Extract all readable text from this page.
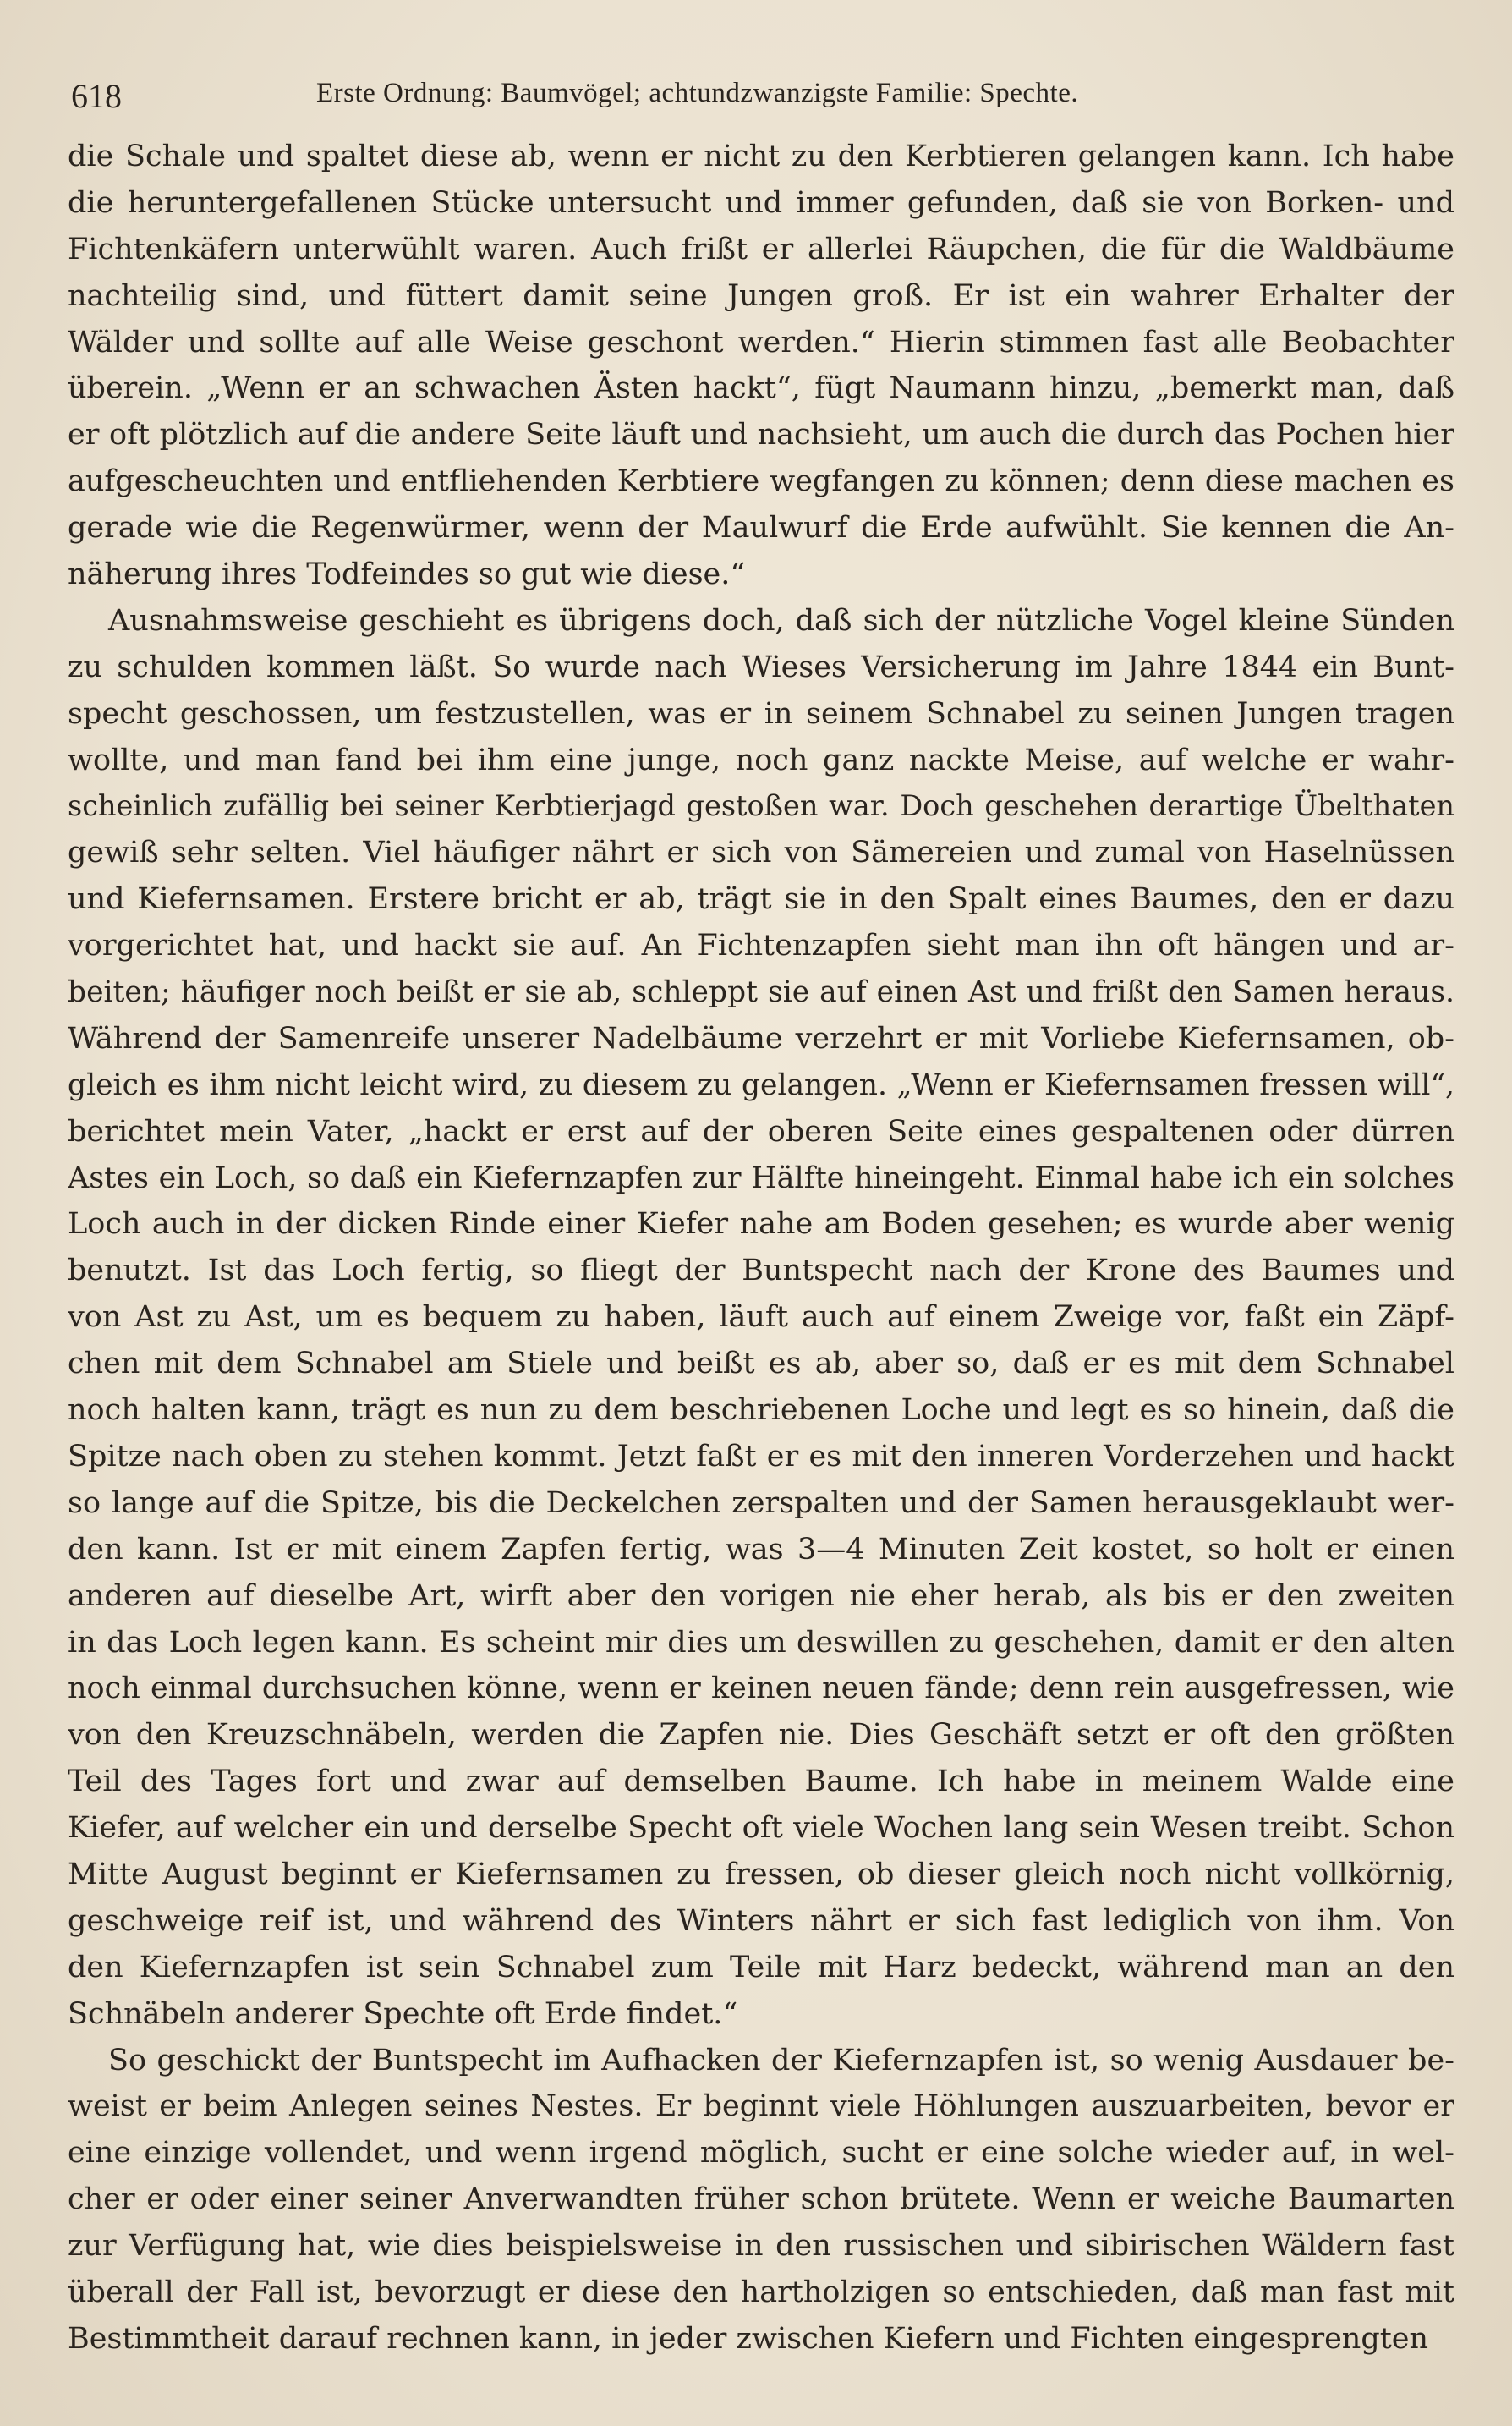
618	Erste Ordnung: Baumvögel; achtundzwanzigste Familie: Spechte.
die Schale und spaltet diese ab, wenn er nicht zu den Kerbtieren gelangen kann. Ich habe
die heruntergefallenen Stücke untersucht und immer gefunden, daß sie von Borken- und
Fichtenkäfern unterwühlt waren. Auch frißt er allerlei Räupchen, die für die Waldbäume
nachteilig sind, und füttert damit seine Jungen groß. Er ist ein wahrer Erhalter der
Wälder und sollte auf alle Weise geschont werden.“ Hierin stimmen fast alle Beobachter
überein. „Wenn er an schwachen Ästen hackt“, fügt Naumann hinzu, „bemerkt man, daß
er oft plötzlich auf die andere Seite läuft und nachsieht, um auch die durch das Pochen hier
aufgescheuchten und entfliehenden Kerbtiere wegfangen zu können; denn diese machen es
gerade wie die Regenwürmer, wenn der Maulwurf die Erde aufwühlt. Sie kennen die An-
näherung ihres Todfeindes so gut wie diese.“
Ausnahmsweise geschieht es übrigens doch, daß sich der nützliche Vogel kleine Sünden
zu schulden kommen läßt. So wurde nach Wieses Versicherung im Jahre 1844 ein Bunt-
specht geschossen, um festzustellen, was er in seinem Schnabel zu seinen Jungen tragen
wollte, und man fand bei ihm eine junge, noch ganz nackte Meise, auf welche er wahr-
scheinlich zufällig bei seiner Kerbtierjagd gestoßen war. Doch geschehen derartige Übelthaten
gewiß sehr selten. Viel häufiger nährt er sich von Sämereien und zumal von Haselnüssen
und Kiefernsamen. Erstere bricht er ab, trägt sie in den Spalt eines Baumes, den er dazu
vorgerichtet hat, und hackt sie auf. An Fichtenzapfen sieht man ihn oft hängen und ar-
beiten; häufiger noch beißt er sie ab, schleppt sie auf einen Ast und frißt den Samen heraus.
Während der Samenreife unserer Nadelbäume verzehrt er mit Vorliebe Kiefernsamen, ob-
gleich es ihm nicht leicht wird, zu diesem zu gelangen. „Wenn er Kiefernsamen fressen will“,
berichtet mein Vater, „hackt er erst auf der oberen Seite eines gespaltenen oder dürren
Astes ein Loch, so daß ein Kiefernzapfen zur Hälfte hineingeht. Einmal habe ich ein solches
Loch auch in der dicken Rinde einer Kiefer nahe am Boden gesehen; es wurde aber wenig
benutzt. Ist das Loch fertig, so fliegt der Buntspecht nach der Krone des Baumes und
von Ast zu Ast, um es bequem zu haben, läuft auch auf einem Zweige vor, faßt ein Zäpf-
chen mit dem Schnabel am Stiele und beißt es ab, aber so, daß er es mit dem Schnabel
noch halten kann, trägt es nun zu dem beschriebenen Loche und legt es so hinein, daß die
Spitze nach oben zu stehen kommt. Jetzt faßt er es mit den inneren Vorderzehen und hackt
so lange auf die Spitze, bis die Deckelchen zerspalten und der Samen herausgeklaubt wer-
den kann. Ist er mit einem Zapfen fertig, was 3—4 Minuten Zeit kostet, so holt er einen
anderen auf dieselbe Art, wirft aber den vorigen nie eher herab, als bis er den zweiten
in das Loch legen kann. Es scheint mir dies um deswillen zu geschehen, damit er den alten
noch einmal durchsuchen könne, wenn er keinen neuen fände; denn rein ausgefressen, wie
von den Kreuzschnäbeln, werden die Zapfen nie. Dies Geschäft setzt er oft den größten
Teil des Tages fort und zwar auf demselben Baume. Ich habe in meinem Walde eine
Kiefer, auf welcher ein und derselbe Specht oft viele Wochen lang sein Wesen treibt. Schon
Mitte August beginnt er Kiefernsamen zu fressen, ob dieser gleich noch nicht vollkörnig,
geschweige reif ist, und während des Winters nährt er sich fast lediglich von ihm. Von
den Kiefernzapfen ist sein Schnabel zum Teile mit Harz bedeckt, während man an den
Schnäbeln anderer Spechte oft Erde findet.“
So geschickt der Buntspecht im Aufhacken der Kiefernzapfen ist, so wenig Ausdauer be-
weist er beim Anlegen seines Nestes. Er beginnt viele Höhlungen auszuarbeiten, bevor er
eine einzige vollendet, und wenn irgend möglich, sucht er eine solche wieder auf, in wel-
cher er oder einer seiner Anverwandten früher schon brütete. Wenn er weiche Baumarten
zur Verfügung hat, wie dies beispielsweise in den russischen und sibirischen Wäldern fast
überall der Fall ist, bevorzugt er diese den hartholzigen so entschieden, daß man fast mit
Bestimmtheit darauf rechnen kann, in jeder zwischen Kiefern und Fichten eingesprengten
